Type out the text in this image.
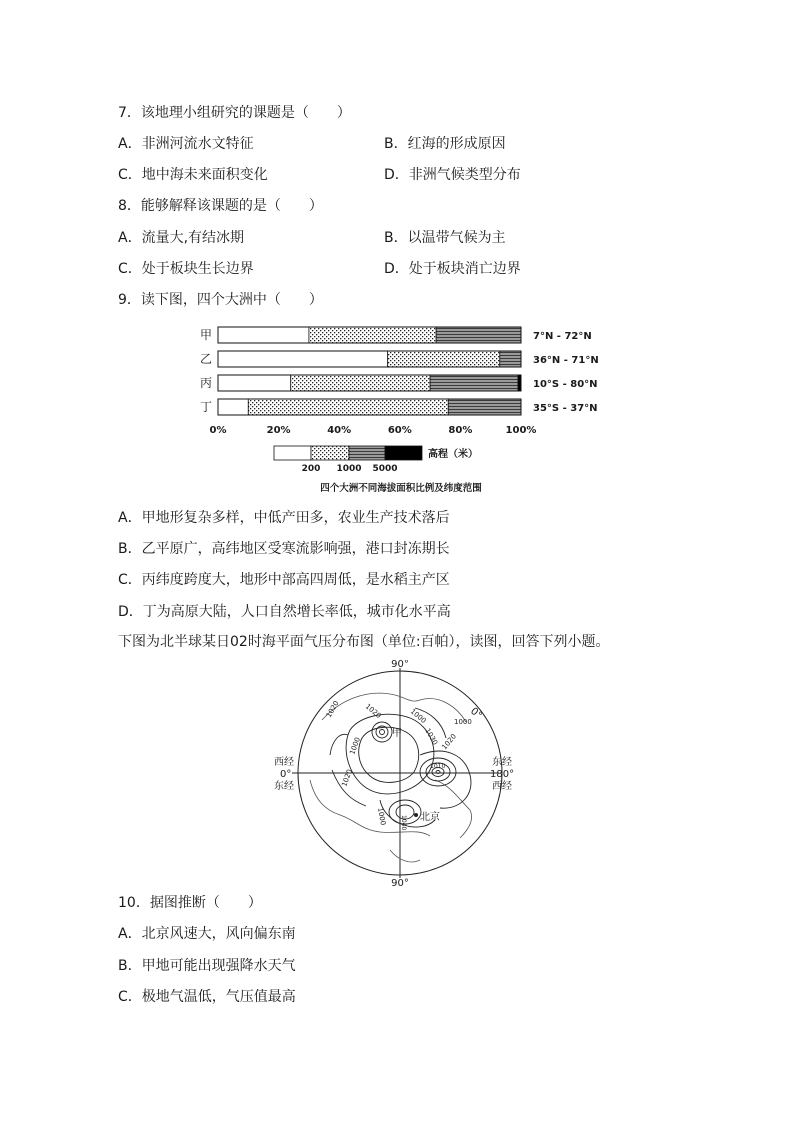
7．该地理小组研究的课题是（　　）
A．非洲河流水文特征	B．红海的形成原因
C．地中海未来面积变化	D．非洲气候类型分布
8．能够解释该课题的是（　　）
A．流量大,有结冰期	B．以温带气候为主
C．处于板块生长边界	D．处于板块消亡边界
9．读下图，四个大洲中（　　）
甲
乙
丙
丁
7°N - 72°N
36°N - 71°N
10°S - 80°N
35°S - 37°N
0%	20%	40%	60%	80%	100%
200 1000 5000
高程（米）
四个大洲不同海拔面积比例及纬度范围
A．甲地形复杂多样，中低产田多，农业生产技术落后
B．乙平原广，高纬地区受寒流影响强，港口封冻期长
C．丙纬度跨度大，地形中部高四周低，是水稻主产区
D．丁为高原大陆，人口自然增长率低，城市化水平高
下图为北半球某日02时海平面气压分布图（单位:百帕），读图，回答下列小题。
1020
1000
1020
1020
1000
1000
1000
1020
1010
1030
1040
90°
90°
西经
0°
东经
东经
180°
西经
0°
北京
甲
10．据图推断（　　）
A．北京风速大，风向偏东南
B．甲地可能出现强降水天气
C．极地气温低，气压值最高
